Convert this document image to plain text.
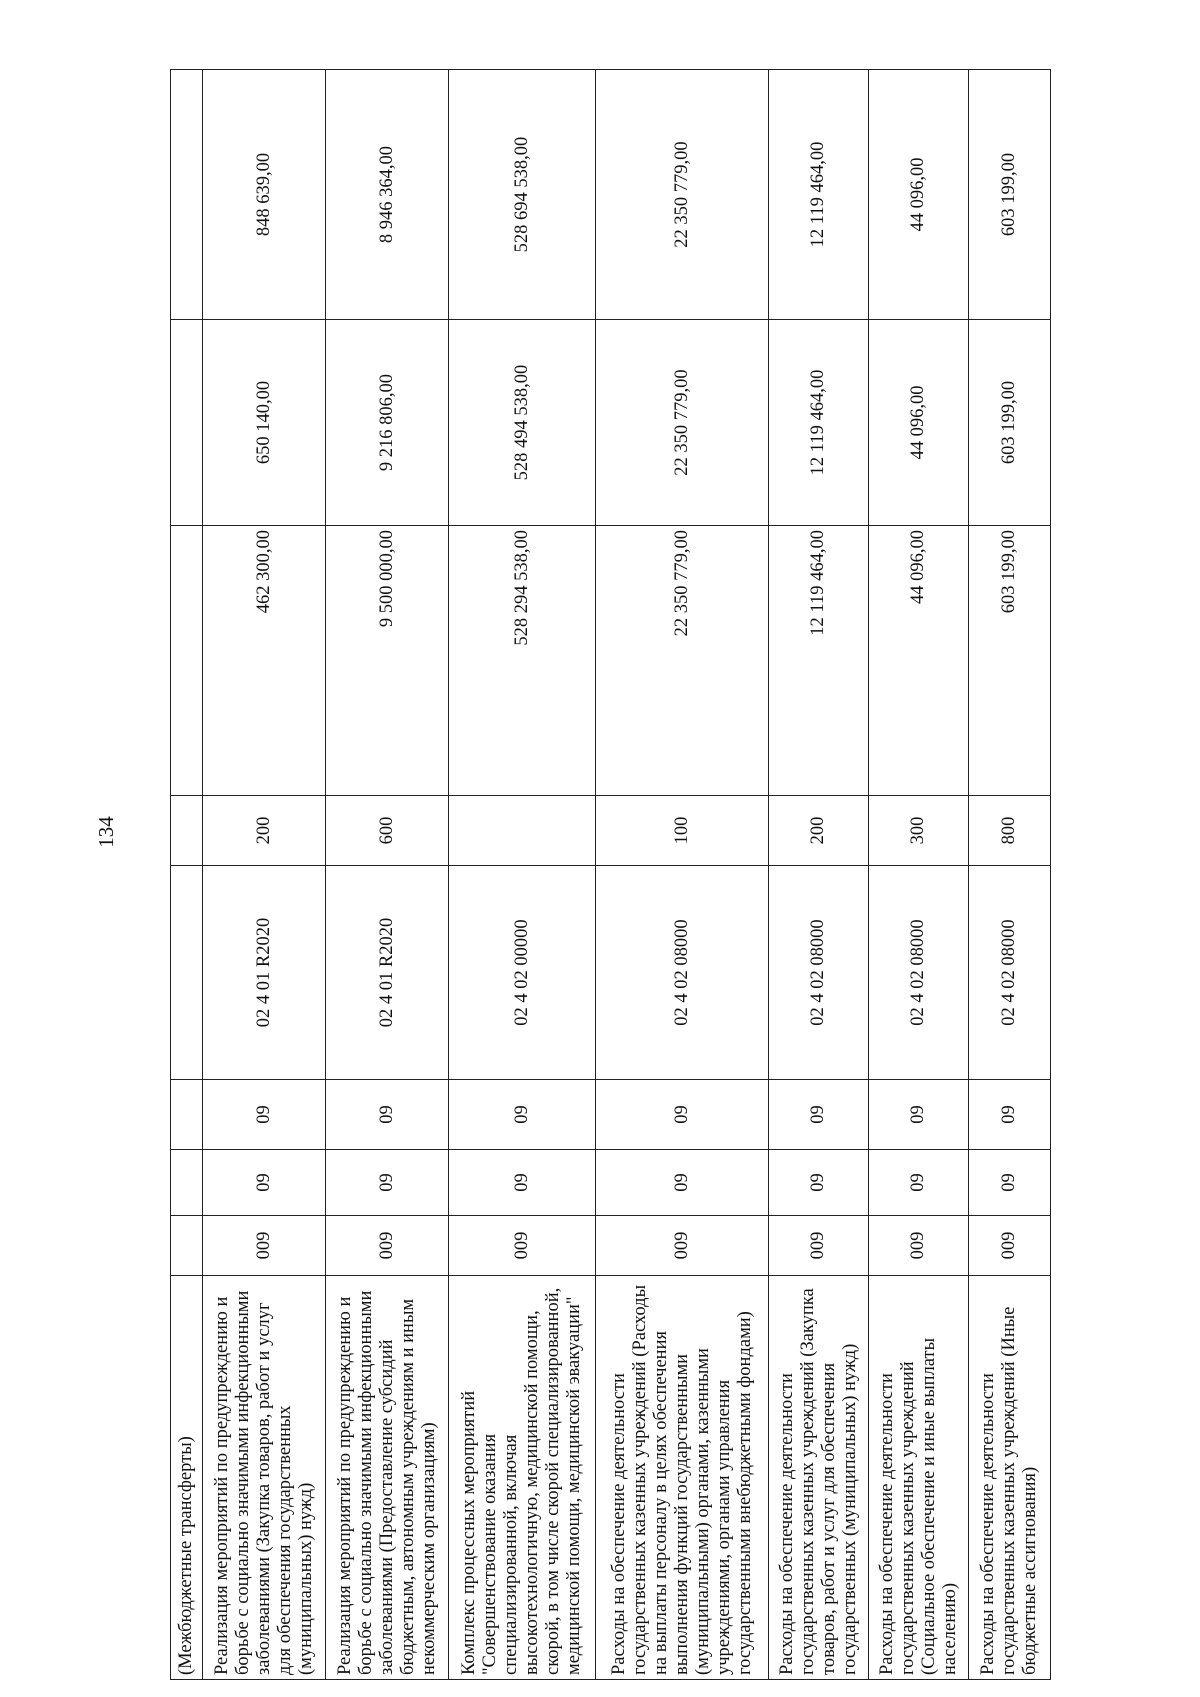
134
(Межбюджетные трансферты)								
Реализация мероприятий по предупреждению и борьбе с социально значимыми инфекционными заболеваниями (Закупка товаров, работ и услуг для обеспечения государственных (муниципальных) нужд)	009	09	09	02 4 01 R2020	200	462 300,00	650 140,00	848 639,00
Реализация мероприятий по предупреждению и борьбе с социально значимыми инфекционными заболеваниями (Предоставление субсидий бюджетным, автономным учреждениям и иным некоммерческим организациям)	009	09	09	02 4 01 R2020	600	9 500 000,00	9 216 806,00	8 946 364,00
Комплекс процессных мероприятий "Совершенствование оказания специализированной, включая высокотехнологичную, медицинской помощи, скорой, в том числе скорой специализированной, медицинской помощи, медицинской эвакуации"	009	09	09	02 4 02 00000		528 294 538,00	528 494 538,00	528 694 538,00
Расходы на обеспечение деятельности государственных казенных учреждений (Расходы на выплаты персоналу в целях обеспечения выполнения функций государственными (муниципальными) органами, казенными учреждениями, органами управления государственными внебюджетными фондами)	009	09	09	02 4 02 08000	100	22 350 779,00	22 350 779,00	22 350 779,00
Расходы на обеспечение деятельности государственных казенных учреждений (Закупка товаров, работ и услуг для обеспечения государственных (муниципальных) нужд)	009	09	09	02 4 02 08000	200	12 119 464,00	12 119 464,00	12 119 464,00
Расходы на обеспечение деятельности государственных казенных учреждений (Социальное обеспечение и иные выплаты населению)	009	09	09	02 4 02 08000	300	44 096,00	44 096,00	44 096,00
Расходы на обеспечение деятельности государственных казенных учреждений (Иные бюджетные ассигнования)	009	09	09	02 4 02 08000	800	603 199,00	603 199,00	603 199,00
